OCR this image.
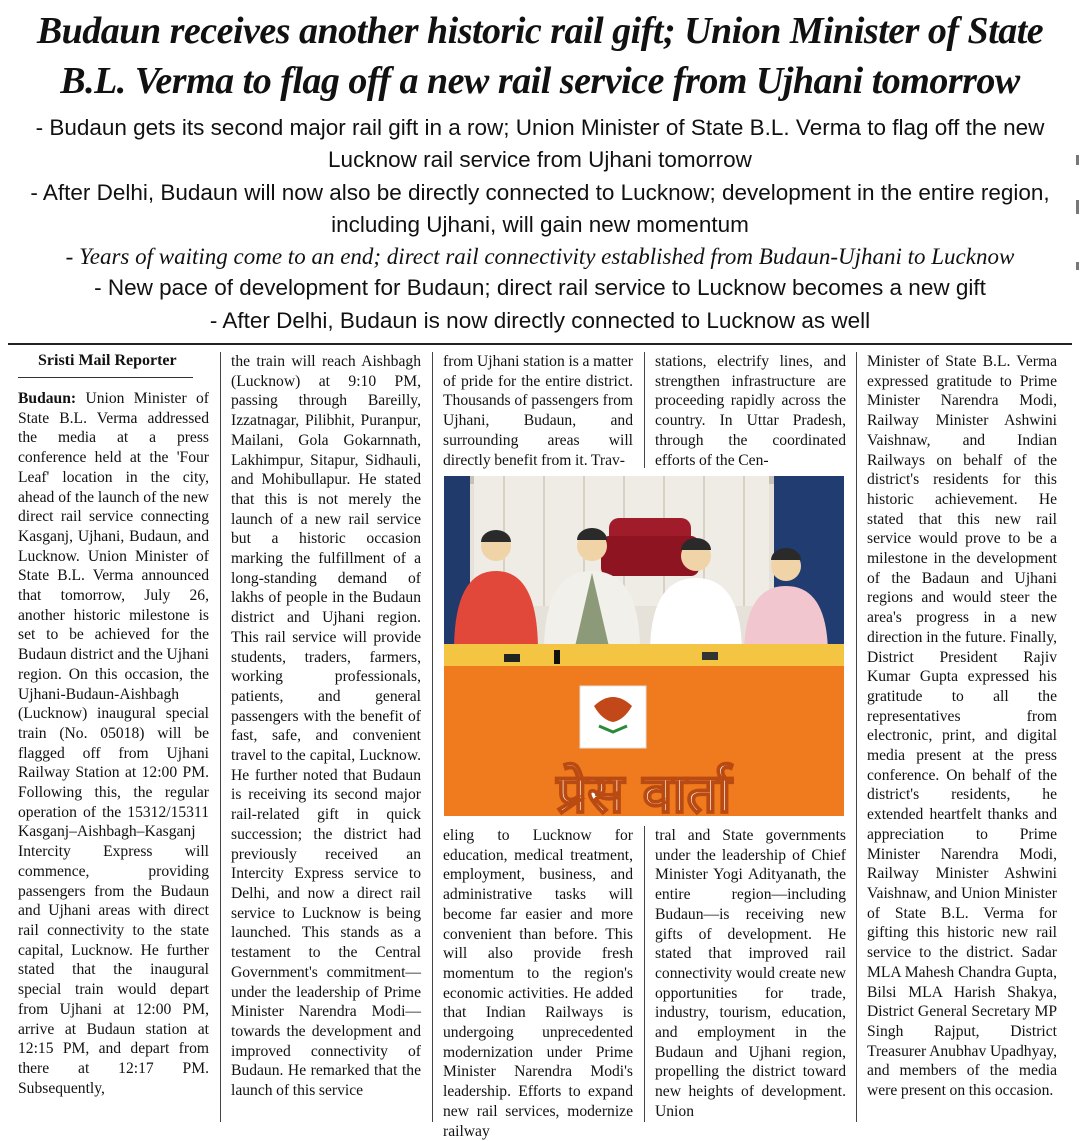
Budaun receives another historic rail gift; Union Minister of State
B.L. Verma to flag off a new rail service from Ujhani tomorrow
- Budaun gets its second major rail gift in a row; Union Minister of State B.L. Verma to flag off the new Lucknow rail service from Ujhani tomorrow
- After Delhi, Budaun will now also be directly connected to Lucknow; development in the entire region, including Ujhani, will gain new momentum
- Years of waiting come to an end; direct rail connectivity established from Budaun-Ujhani to Lucknow
- New pace of development for Budaun; direct rail service to Lucknow becomes a new gift
- After Delhi, Budaun is now directly connected to Lucknow as well
Sristi Mail Reporter

Budaun: Union Minister of State B.L. Verma addressed the media at a press conference held at the 'Four Leaf' location in the city, ahead of the launch of the new direct rail service connecting Kasganj, Ujhani, Budaun, and Lucknow. Union Minister of State B.L. Verma announced that tomorrow, July 26, another historic milestone is set to be achieved for the Budaun district and the Ujhani region. On this occasion, the Ujhani-Budaun-Aishbagh (Lucknow) inaugural special train (No. 05018) will be flagged off from Ujhani Railway Station at 12:00 PM. Following this, the regular operation of the 15312/15311 Kasganj–Aishbagh–Kasganj Intercity Express will commence, providing passengers from the Budaun and Ujhani areas with direct rail connectivity to the state capital, Lucknow. He further stated that the inaugural special train would depart from Ujhani at 12:00 PM, arrive at Budaun station at 12:15 PM, and depart from there at 12:17 PM. Subsequently,

the train will reach Aishbagh (Lucknow) at 9:10 PM, passing through Bareilly, Izzatnagar, Pilibhit, Puranpur, Mailani, Gola Gokarnnath, Lakhimpur, Sitapur, Sidhauli, and Mohibullapur. He stated that this is not merely the launch of a new rail service but a historic occasion marking the fulfillment of a long-standing demand of lakhs of people in the Budaun district and Ujhani region. This rail service will provide students, traders, farmers, working professionals, patients, and general passengers with the benefit of fast, safe, and convenient travel to the capital, Lucknow. He further noted that Budaun is receiving its second major rail-related gift in quick succession; the district had previously received an Intercity Express service to Delhi, and now a direct rail service to Lucknow is being launched. This stands as a testament to the Central Government's commitment—under the leadership of Prime Minister Narendra Modi—towards the development and improved connectivity of Budaun. He remarked that the launch of this service

from Ujhani station is a matter of pride for the entire district. Thousands of passengers from Ujhani, Budaun, and surrounding areas will directly benefit from it. Trav-

stations, electrify lines, and strengthen infrastructure are proceeding rapidly across the country. In Uttar Pradesh, through the coordinated efforts of the Cen-

प्रेस वार्ता

eling to Lucknow for education, medical treatment, employment, business, and administrative tasks will become far easier and more convenient than before. This will also provide fresh momentum to the region's economic activities. He added that Indian Railways is undergoing unprecedented modernization under Prime Minister Narendra Modi's leadership. Efforts to expand new rail services, modernize railway

tral and State governments under the leadership of Chief Minister Yogi Adityanath, the entire region—including Budaun—is receiving new gifts of development. He stated that improved rail connectivity would create new opportunities for trade, industry, tourism, education, and employment in the Budaun and Ujhani region, propelling the district toward new heights of development. Union

Minister of State B.L. Verma expressed gratitude to Prime Minister Narendra Modi, Railway Minister Ashwini Vaishnaw, and Indian Railways on behalf of the district's residents for this historic achievement. He stated that this new rail service would prove to be a milestone in the development of the Badaun and Ujhani regions and would steer the area's progress in a new direction in the future. Finally, District President Rajiv Kumar Gupta expressed his gratitude to all the representatives from electronic, print, and digital media present at the press conference. On behalf of the district's residents, he extended heartfelt thanks and appreciation to Prime Minister Narendra Modi, Railway Minister Ashwini Vaishnaw, and Union Minister of State B.L. Verma for gifting this historic new rail service to the district. Sadar MLA Mahesh Chandra Gupta, Bilsi MLA Harish Shakya, District General Secretary MP Singh Rajput, District Treasurer Anubhav Upadhyay, and members of the media were present on this occasion.
